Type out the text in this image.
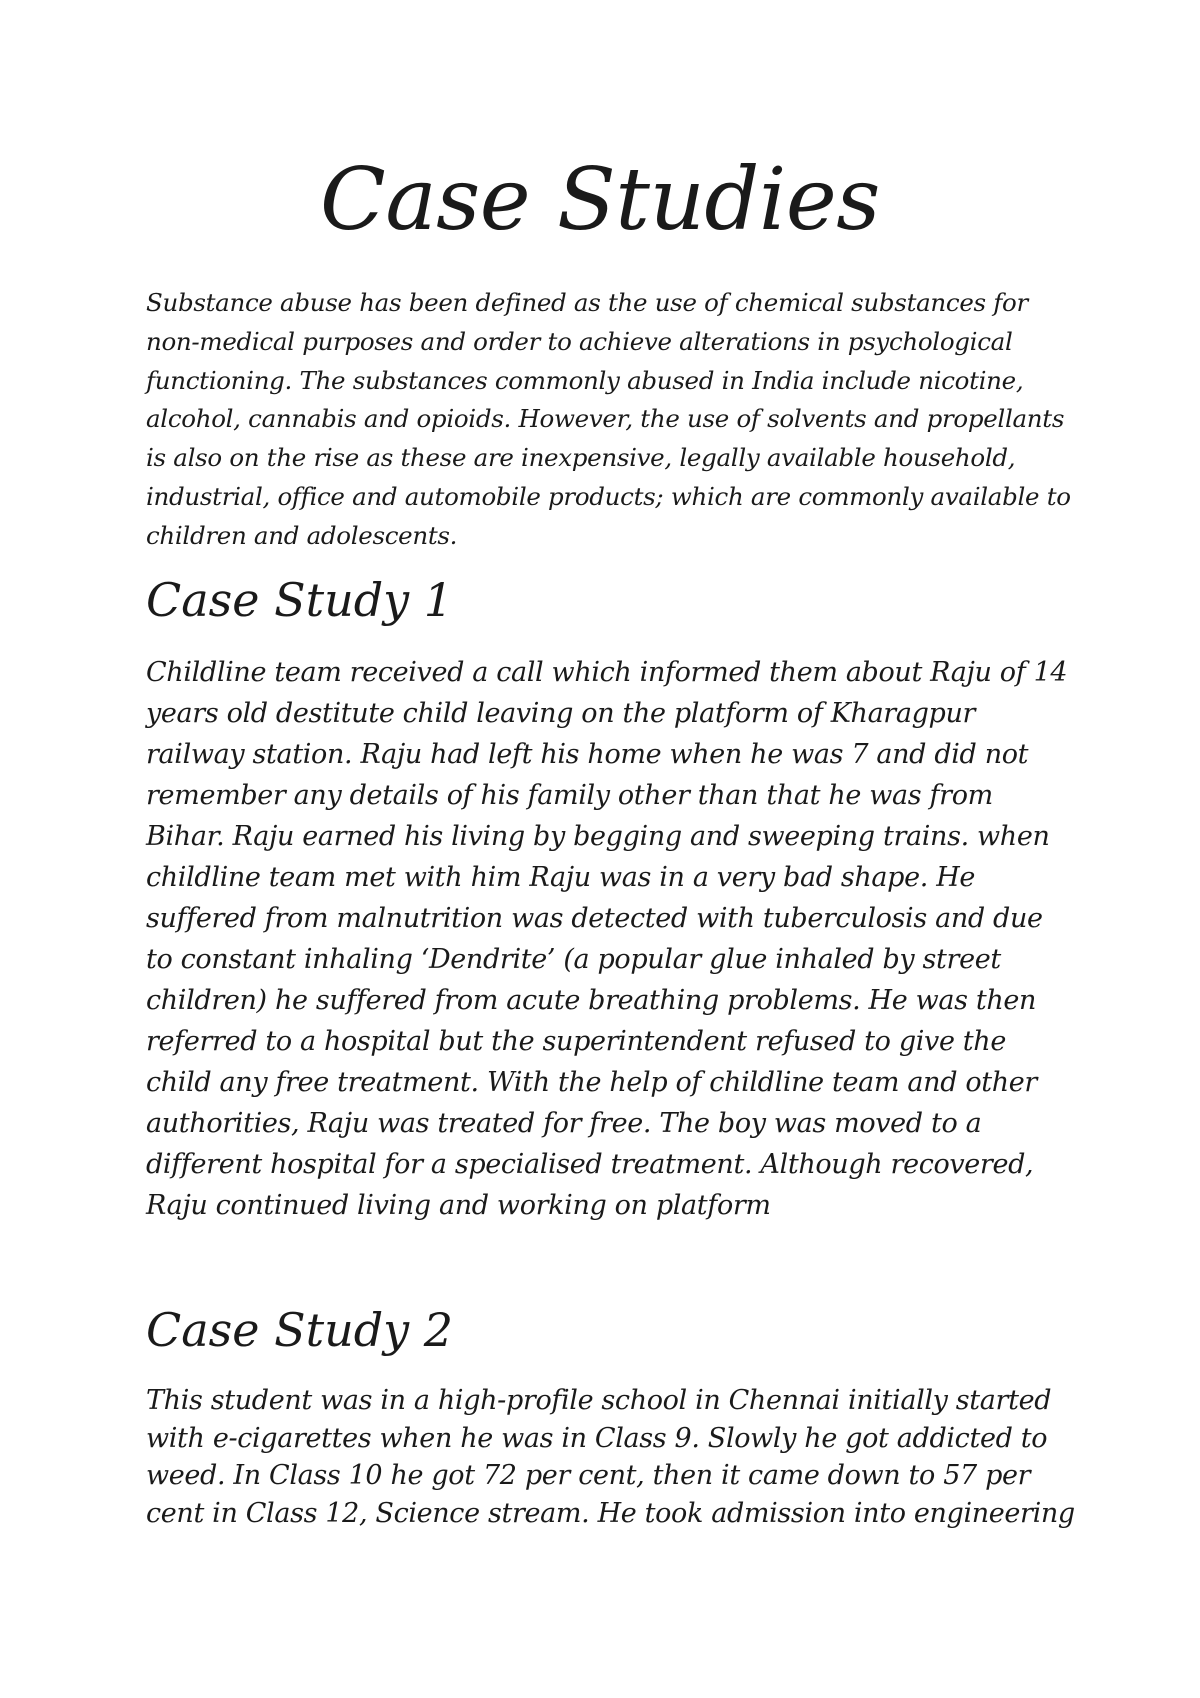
Case Studies

Substance abuse has been defined as the use of chemical substances for non-medical purposes and order to achieve alterations in psychological functioning. The substances commonly abused in India include nicotine, alcohol, cannabis and opioids. However, the use of solvents and propellants is also on the rise as these are inexpensive, legally available household, industrial, office and automobile products; which are commonly available to children and adolescents.

Case Study 1

Childline team received a call which informed them about Raju of 14 years old destitute child leaving on the platform of Kharagpur railway station. Raju had left his home when he was 7 and did not remember any details of his family other than that he was from Bihar. Raju earned his living by begging and sweeping trains. when childline team met with him Raju was in a very bad shape. He suffered from malnutrition was detected with tuberculosis and due to constant inhaling ‘Dendrite’ (a popular glue inhaled by street children) he suffered from acute breathing problems. He was then referred to a hospital but the superintendent refused to give the child any free treatment. With the help of childline team and other authorities, Raju was treated for free. The boy was moved to a different hospital for a specialised treatment. Although recovered, Raju continued living and working on platform

Case Study 2

This student was in a high-profile school in Chennai initially started with e-cigarettes when he was in Class 9. Slowly he got addicted to weed. In Class 10 he got 72 per cent, then it came down to 57 per cent in Class 12, Science stream. He took admission into engineering
